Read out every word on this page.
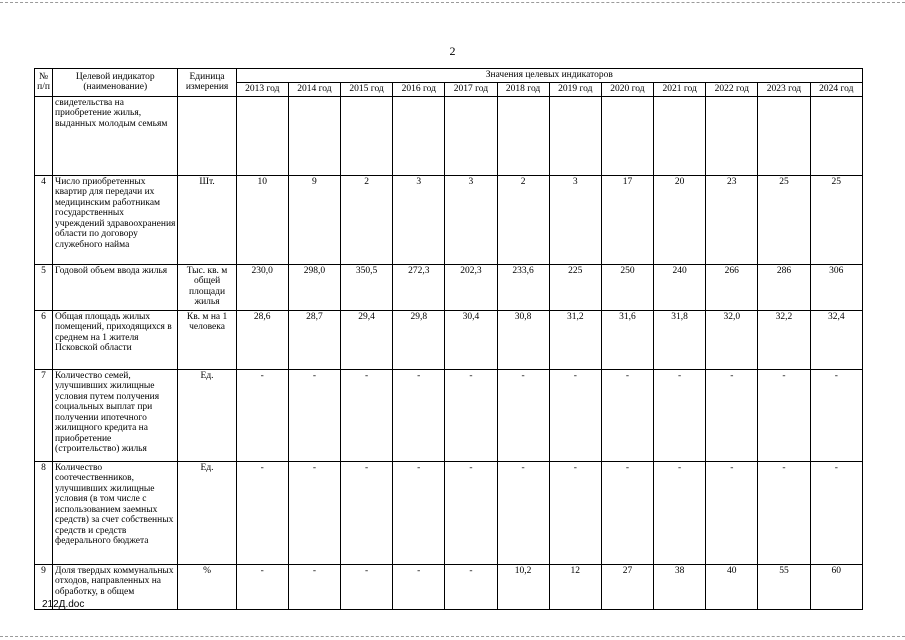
2
№ п/п	Целевой индикатор (наименование)	Единица измерения	Значения целевых индикаторов											
			2013 год	2014 год	2015 год	2016 год	2017 год	2018 год	2019 год	2020 год	2021 год	2022 год	2023 год	2024 год
	свидетельства на приобретение жилья, выданных молодым семьям													
4	Число приобретенных квартир для передачи их медицинским работникам государственных учреждений здравоохранения области по договору служебного найма	Шт.	10	9	2	3	3	2	3	17	20	23	25	25
5	Годовой объем ввода жилья	Тыс. кв. м общей площади жилья	230,0	298,0	350,5	272,3	202,3	233,6	225	250	240	266	286	306
6	Общая площадь жилых помещений, приходящихся в среднем на 1 жителя Псковской области	Кв. м на 1 человека	28,6	28,7	29,4	29,8	30,4	30,8	31,2	31,6	31,8	32,0	32,2	32,4
7	Количество семей, улучшивших жилищные условия путем получения социальных выплат при получении ипотечного жилищного кредита на приобретение (строительство) жилья	Ед.	-	-	-	-	-	-	-	-	-	-	-	-
8	Количество соотечественников, улучшивших жилищные условия (в том числе с использованием заемных средств) за счет собственных средств и средств федерального бюджета	Ед.	-	-	-	-	-	-	-	-	-	-	-	-
9	Доля твердых коммунальных отходов, направленных на обработку, в общем	%	-	-	-	-	-	10,2	12	27	38	40	55	60
212Д.doc
